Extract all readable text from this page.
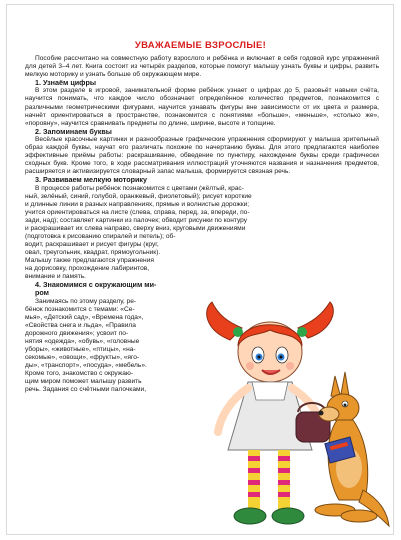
УВАЖАЕМЫЕ ВЗРОСЛЫЕ!

Пособие рассчитано на совместную работу взрослого и ребёнка и включает в себя годовой курс упражнений для детей 3–4 лет. Книга состоит из четырёх разделов, которые помогут малышу узнать буквы и цифры, развить мелкую моторику и узнать больше об окружающем мире.

1. Узнаём цифры

В этом разделе в игровой, занимательной форме ребёнок узнает о цифрах до 5, разовьёт навыки счёта, научится понимать, что каждое число обозначает определённое количество предметов, познакомится с различными геометрическими фигурами, научится узнавать фигуры вне зависимости от их цвета и размера, начнёт ориентироваться в пространстве, познакомится с понятиями «больше», «меньше», «столько же», «поровну», научится сравнивать предметы по длине, ширине, высоте и толщине.

2. Запоминаем буквы

Весёлые красочные картинки и разнообразные графические упражнения сформируют у малыша зрительный образ каждой буквы, научат его различать похожие по начертанию буквы. Для этого предлагаются наиболее эффективные приёмы работы: раскрашивание, обведение по пунктиру, нахождение буквы среди графически сходных букв. Кроме того, в ходе рассматривания иллюстраций уточняются названия и назначения предметов, расширяется и активизируется словарный запас малыша, формируется связная речь.

3. Развиваем мелкую моторику

В процессе работы ребёнок познакомится с цветами (жёлтый, крас-
ный, зелёный, синий, голубой, оранжевый, фиолетовый); рисует короткие
и длинные линии в разных направлениях, прямые и волнистые дорожки;
учится ориентироваться на листе (слева, справа, перед, за, впереди, по-
зади, над); составляет картинки из палочек; обводит рисунки по контуру
и раскрашивает их слева направо, сверху вниз, круговыми движениями
(подготовка к рисованию спиралей и петель); об-
водит, раскрашивает и рисует фигуры (круг,
овал, треугольник, квадрат, прямоугольник).
Малышу также предлагаются упражнения
на дорисовку, прохождение лабиринтов,
внимание и память.
4. Знакомимся с окружающим ми-
ром
Занимаясь по этому разделу, ре-
бёнок познакомится с темами: «Се-
мья», «Детский сад», «Времена года»,
«Свойства снега и льда», «Правила
дорожного движения»; усвоит по-
нятия «одежда», «обувь», «головные
уборы», «животные», «птицы», «на-
секомые», «овощи», «фрукты», «яго-
ды», «транспорт», «посуда», «мебель».
Кроме того, знакомство с окружаю-
щим миром поможет малышу развить
речь. Задания со счётными палочками,
